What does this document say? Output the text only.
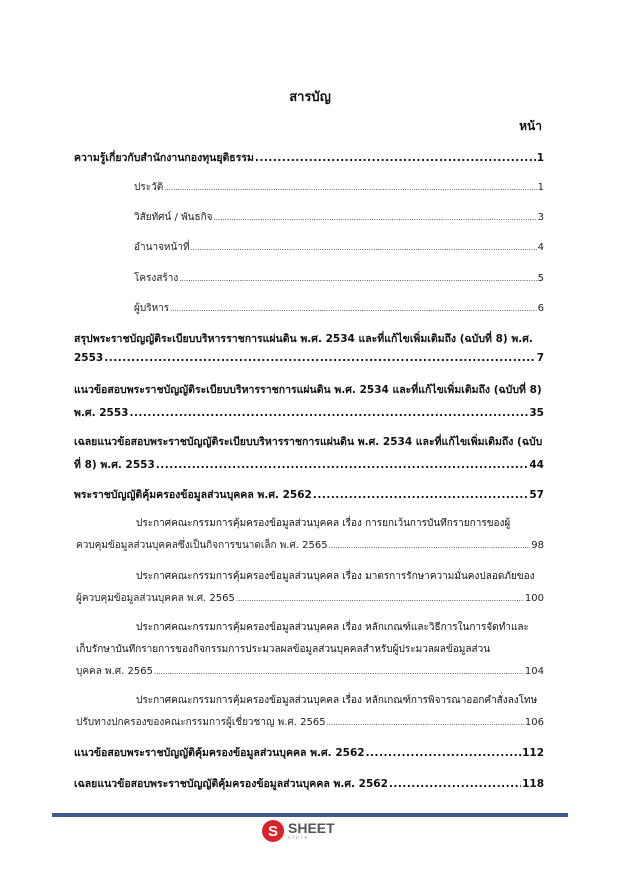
สารบัญ
หน้า
ความรู้เกี่ยวกับสำนักงานกองทุนยุติธรรม .....	1
ประวัติ .....	1
วิสัยทัศน์ / พันธกิจ .....	3
อำนาจหน้าที่ .....	4
โครงสร้าง .....	5
ผู้บริหาร .....	6
สรุปพระราชบัญญัติระเบียบบริหารราชการแผ่นดิน พ.ศ. 2534 และที่แก้ไขเพิ่มเติมถึง (ฉบับที่ 8) พ.ศ.
2553 .....	7
แนวข้อสอบพระราชบัญญัติระเบียบบริหารราชการแผ่นดิน พ.ศ. 2534 และที่แก้ไขเพิ่มเติมถึง (ฉบับที่ 8)
พ.ศ. 2553 .....	35
เฉลยแนวข้อสอบพระราชบัญญัติระเบียบบริหารราชการแผ่นดิน พ.ศ. 2534 และที่แก้ไขเพิ่มเติมถึง (ฉบับ
ที่ 8) พ.ศ. 2553 .....	44
พระราชบัญญัติคุ้มครองข้อมูลส่วนบุคคล พ.ศ. 2562 .....	57
ประกาศคณะกรรมการคุ้มครองข้อมูลส่วนบุคคล เรื่อง การยกเว้นการบันทึกรายการของผู้
ควบคุมข้อมูลส่วนบุคคลซึ่งเป็นกิจการขนาดเล็ก พ.ศ. 2565 .....	98
ประกาศคณะกรรมการคุ้มครองข้อมูลส่วนบุคคล เรื่อง มาตรการรักษาความมั่นคงปลอดภัยของ
ผู้ควบคุมข้อมูลส่วนบุคคล พ.ศ. 2565 .....	100
ประกาศคณะกรรมการคุ้มครองข้อมูลส่วนบุคคล เรื่อง หลักเกณฑ์และวิธีการในการจัดทำและ
เก็บรักษาบันทึกรายการของกิจกรรมการประมวลผลข้อมูลส่วนบุคคลสำหรับผู้ประมวลผลข้อมูลส่วน
บุคคล พ.ศ. 2565 .....	104
ประกาศคณะกรรมการคุ้มครองข้อมูลส่วนบุคคล เรื่อง หลักเกณฑ์การพิจารณาออกคำสั่งลงโทษ
ปรับทางปกครองของคณะกรรมการผู้เชี่ยวชาญ พ.ศ. 2565 .....	106
แนวข้อสอบพระราชบัญญัติคุ้มครองข้อมูลส่วนบุคคล พ.ศ. 2562 .....	112
เฉลยแนวข้อสอบพระราชบัญญัติคุ้มครองข้อมูลส่วนบุคคล พ.ศ. 2562 .....	118
S SHEET
store
